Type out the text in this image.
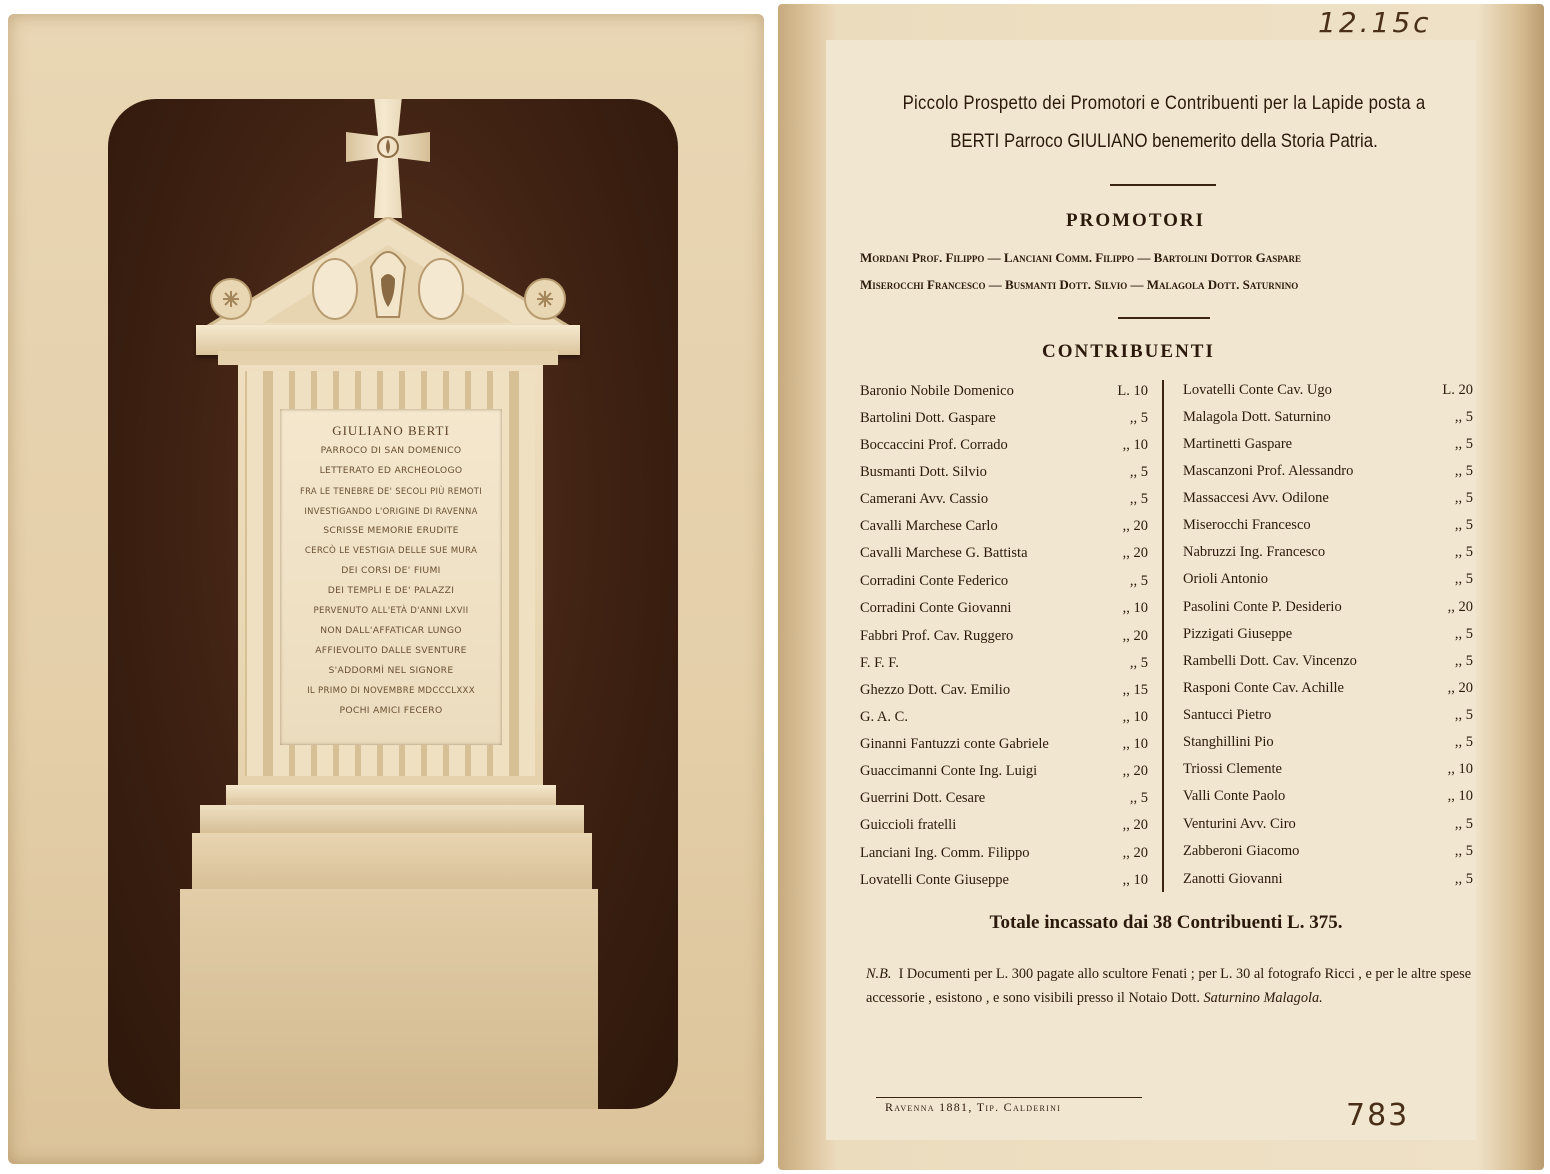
GIULIANO BERTI
PARROCO DI SAN DOMENICO
LETTERATO ED ARCHEOLOGO
FRA LE TENEBRE DE' SECOLI PIÙ REMOTI
INVESTIGANDO L'ORIGINE DI RAVENNA
SCRISSE MEMORIE ERUDITE
CERCÒ LE VESTIGIA DELLE SUE MURA
DEI CORSI DE' FIUMI
DEI TEMPLI E DE' PALAZZI
PERVENUTO ALL'ETÀ D'ANNI LXVII
NON DALL'AFFATICAR LUNGO
AFFIEVOLITO DALLE SVENTURE
S'ADDORMÌ NEL SIGNORE
IL PRIMO DI NOVEMBRE MDCCCLXXX
POCHI AMICI FECERO
12.15c
Piccolo Prospetto dei Promotori e Contribuenti per la Lapide posta a
BERTI Parroco GIULIANO benemerito della Storia Patria.
PROMOTORI
Mordani Prof. Filippo — Lanciani Comm. Filippo — Bartolini Dottor Gaspare
Miserocchi Francesco — Busmanti Dott. Silvio — Malagola Dott. Saturnino
CONTRIBUENTI
Baronio Nobile Domenico	L. 10
Bartolini Dott. Gaspare	,, 5
Boccaccini Prof. Corrado	,, 10
Busmanti Dott. Silvio	,, 5
Camerani Avv. Cassio	,, 5
Cavalli Marchese Carlo	,, 20
Cavalli Marchese G. Battista	,, 20
Corradini Conte Federico	,, 5
Corradini Conte Giovanni	,, 10
Fabbri Prof. Cav. Ruggero	,, 20
F. F. F.	,, 5
Ghezzo Dott. Cav. Emilio	,, 15
G. A. C.	,, 10
Ginanni Fantuzzi conte Gabriele	,, 10
Guaccimanni Conte Ing. Luigi	,, 20
Guerrini Dott. Cesare	,, 5
Guiccioli fratelli	,, 20
Lanciani Ing. Comm. Filippo	,, 20
Lovatelli Conte Giuseppe	,, 10
Lovatelli Conte Cav. Ugo	L. 20
Malagola Dott. Saturnino	,, 5
Martinetti Gaspare	,, 5
Mascanzoni Prof. Alessandro	,, 5
Massaccesi Avv. Odilone	,, 5
Miserocchi Francesco	,, 5
Nabruzzi Ing. Francesco	,, 5
Orioli Antonio	,, 5
Pasolini Conte P. Desiderio	,, 20
Pizzigati Giuseppe	,, 5
Rambelli Dott. Cav. Vincenzo	,, 5
Rasponi Conte Cav. Achille	,, 20
Santucci Pietro	,, 5
Stanghillini Pio	,, 5
Triossi Clemente	,, 10
Valli Conte Paolo	,, 10
Venturini Avv. Ciro	,, 5
Zabberoni Giacomo	,, 5
Zanotti Giovanni	,, 5
Totale incassato dai 38 Contribuenti L. 375.
N.B. I Documenti per L. 300 pagate allo scultore Fenati ; per L. 30 al fotografo Ricci , e per le altre spese accessorie , esistono , e sono visibili presso il Notaio Dott. Saturnino Malagola.
Ravenna 1881, Tip. Calderini	783
